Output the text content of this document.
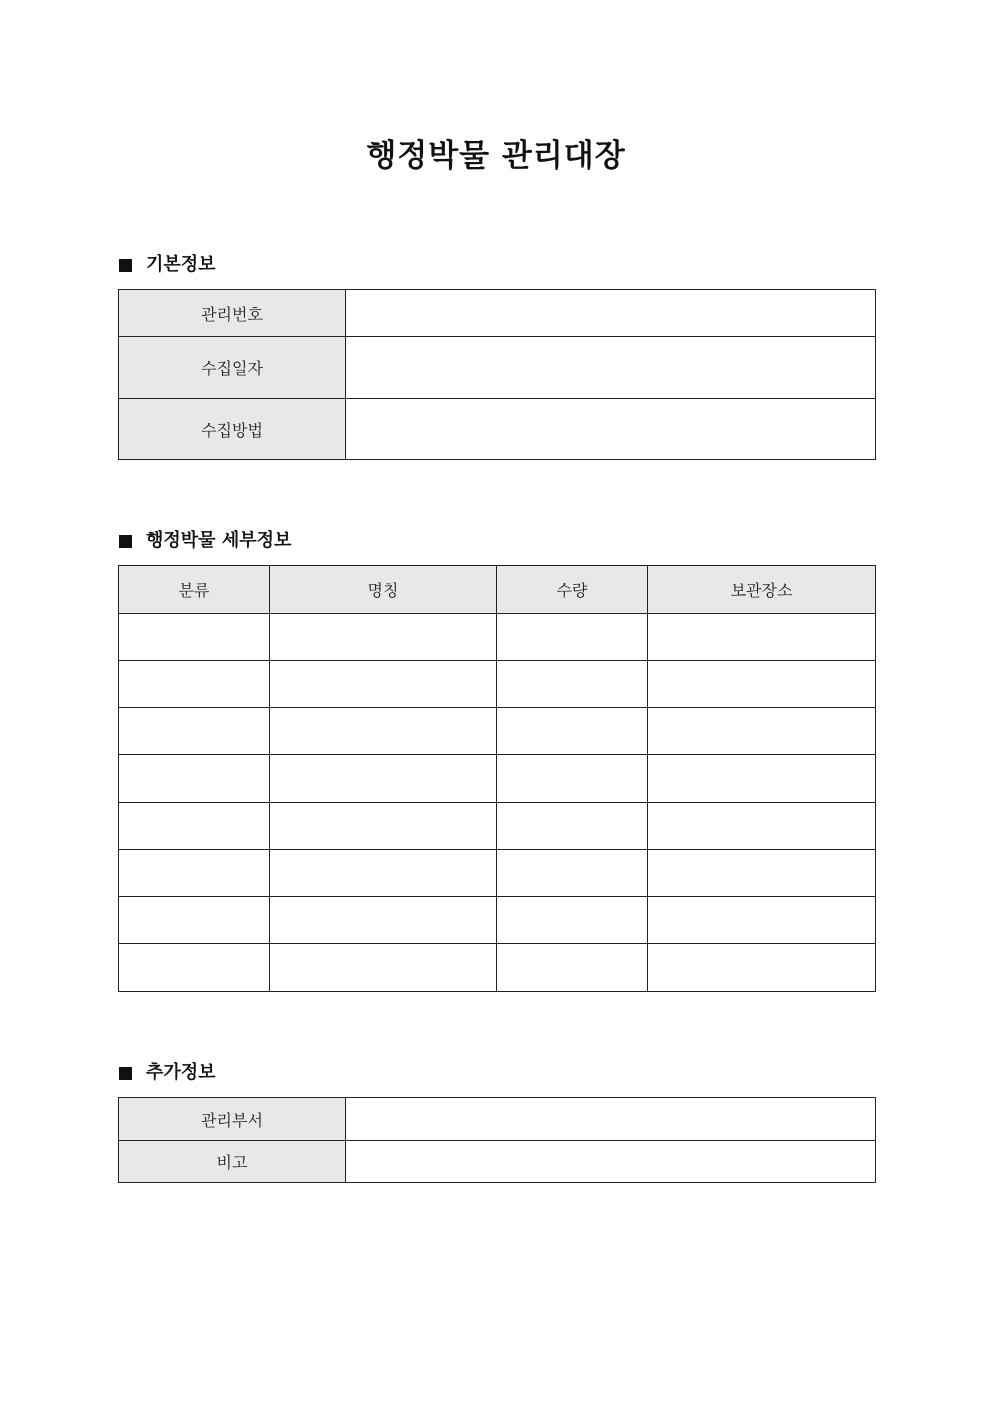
행정박물 관리대장
기본정보
관리번호	
수집일자	
수집방법	
행정박물 세부정보
분류	명칭	수량	보관장소

추가정보
관리부서	
비고	
